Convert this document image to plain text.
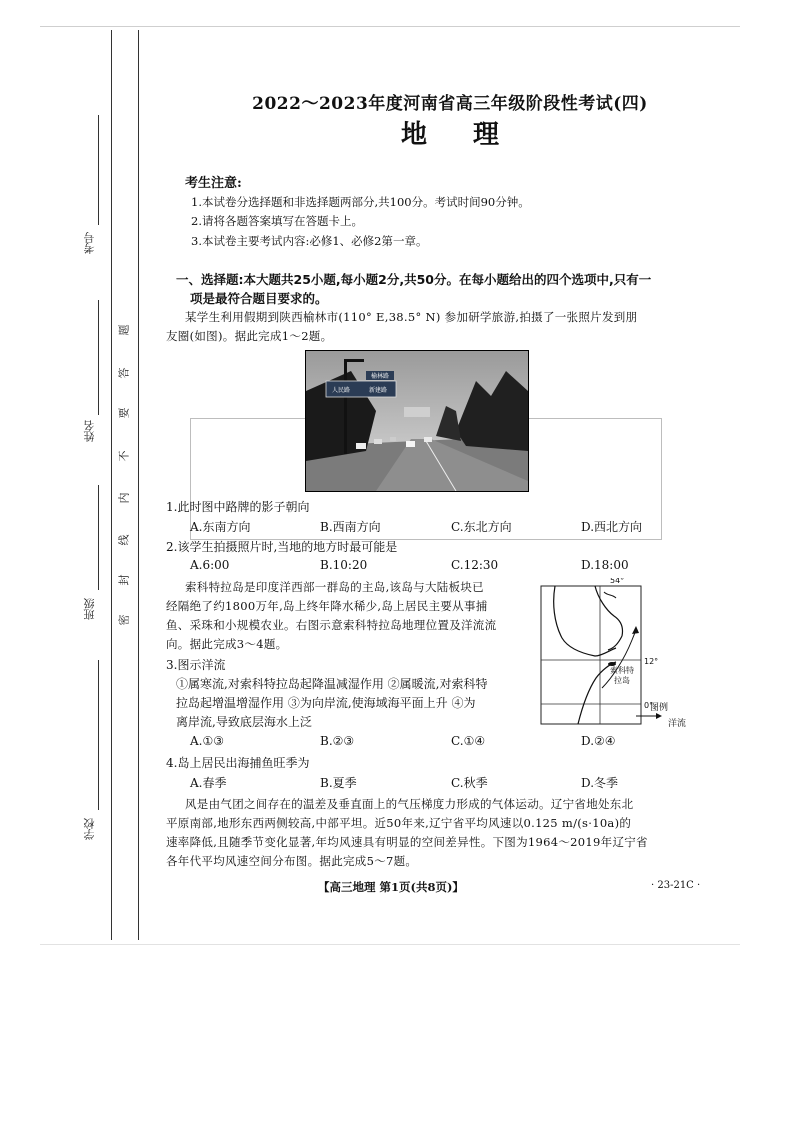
考号
姓名
班级
学校
题
答
要
不
内
线
封
密
2022～2023年度河南省高三年级阶段性考试(四)
地理
考生注意:
1.本试卷分选择题和非选择题两部分,共100分。考试时间90分钟。
2.请将各题答案填写在答题卡上。
3.本试卷主要考试内容:必修1、必修2第一章。
一、选择题:本大题共25小题,每小题2分,共50分。在每小题给出的四个选项中,只有一
项是最符合题目要求的。
某学生利用假期到陕西榆林市(110° E,38.5° N) 参加研学旅游,拍摄了一张照片发到朋
友圈(如图)。据此完成1～2题。
榆林路
人民路	新建路
1.此时图中路牌的影子朝向
A.东南方向	B.西南方向	C.东北方向	D.西北方向
2.该学生拍摄照片时,当地的地方时最可能是
A.6:00	B.10:20	C.12:30	D.18:00
索科特拉岛是印度洋西部一群岛的主岛,该岛与大陆板块已
经隔绝了约1800万年,岛上终年降水稀少,岛上居民主要从事捕
鱼、采珠和小规模农业。右图示意索科特拉岛地理位置及洋流流
向。据此完成3～4题。
54°
12°
0°
索科特
拉岛
图例
洋流
3.图示洋流
①属寒流,对索科特拉岛起降温减湿作用 ②属暖流,对索科特
拉岛起增温增湿作用 ③为向岸流,使海域海平面上升 ④为
离岸流,导致底层海水上泛
A.①③	B.②③	C.①④	D.②④
4.岛上居民出海捕鱼旺季为
A.春季	B.夏季	C.秋季	D.冬季
风是由气团之间存在的温差及垂直面上的气压梯度力形成的气体运动。辽宁省地处东北
平原南部,地形东西两侧较高,中部平坦。近50年来,辽宁省平均风速以0.125 m/(s·10a)的
速率降低,且随季节变化显著,年均风速具有明显的空间差异性。下图为1964～2019年辽宁省
各年代平均风速空间分布图。据此完成5～7题。
【高三地理 第1页(共8页)】	· 23-21C ·
